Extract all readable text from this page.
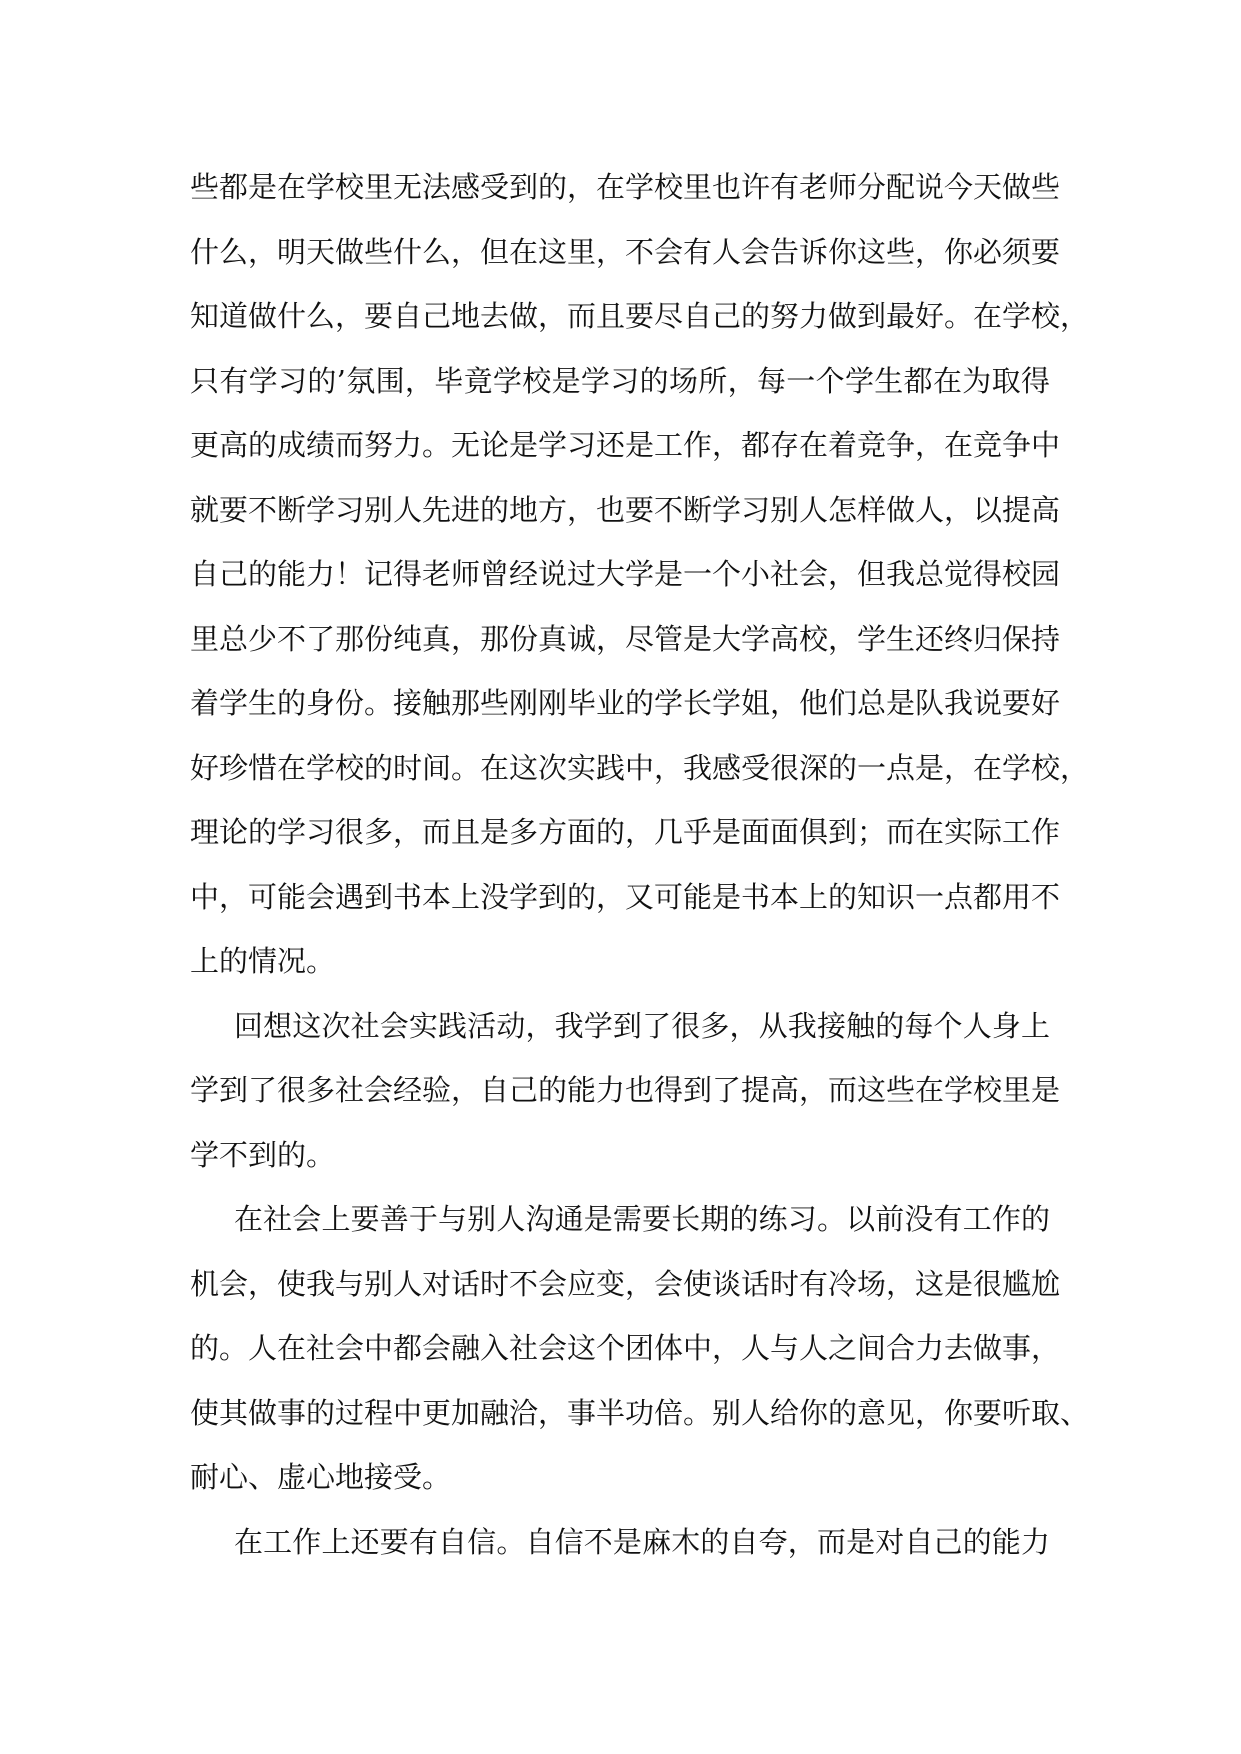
些都是在学校里无法感受到的，在学校里也许有老师分配说今天做些
什么，明天做些什么，但在这里，不会有人会告诉你这些，你必须要
知道做什么，要自己地去做，而且要尽自己的努力做到最好。在学校，
只有学习的’氛围，毕竟学校是学习的场所，每一个学生都在为取得
更高的成绩而努力。无论是学习还是工作，都存在着竞争，在竞争中
就要不断学习别人先进的地方，也要不断学习别人怎样做人，以提高
自己的能力！记得老师曾经说过大学是一个小社会，但我总觉得校园
里总少不了那份纯真，那份真诚，尽管是大学高校，学生还终归保持
着学生的身份。接触那些刚刚毕业的学长学姐，他们总是队我说要好
好珍惜在学校的时间。在这次实践中，我感受很深的一点是，在学校，
理论的学习很多，而且是多方面的，几乎是面面俱到；而在实际工作
中，可能会遇到书本上没学到的，又可能是书本上的知识一点都用不
上的情况。
回想这次社会实践活动，我学到了很多，从我接触的每个人身上
学到了很多社会经验，自己的能力也得到了提高，而这些在学校里是
学不到的。
在社会上要善于与别人沟通是需要长期的练习。以前没有工作的
机会，使我与别人对话时不会应变，会使谈话时有冷场，这是很尴尬
的。人在社会中都会融入社会这个团体中，人与人之间合力去做事，
使其做事的过程中更加融洽，事半功倍。别人给你的意见，你要听取、
耐心、虚心地接受。
在工作上还要有自信。自信不是麻木的自夸，而是对自己的能力
